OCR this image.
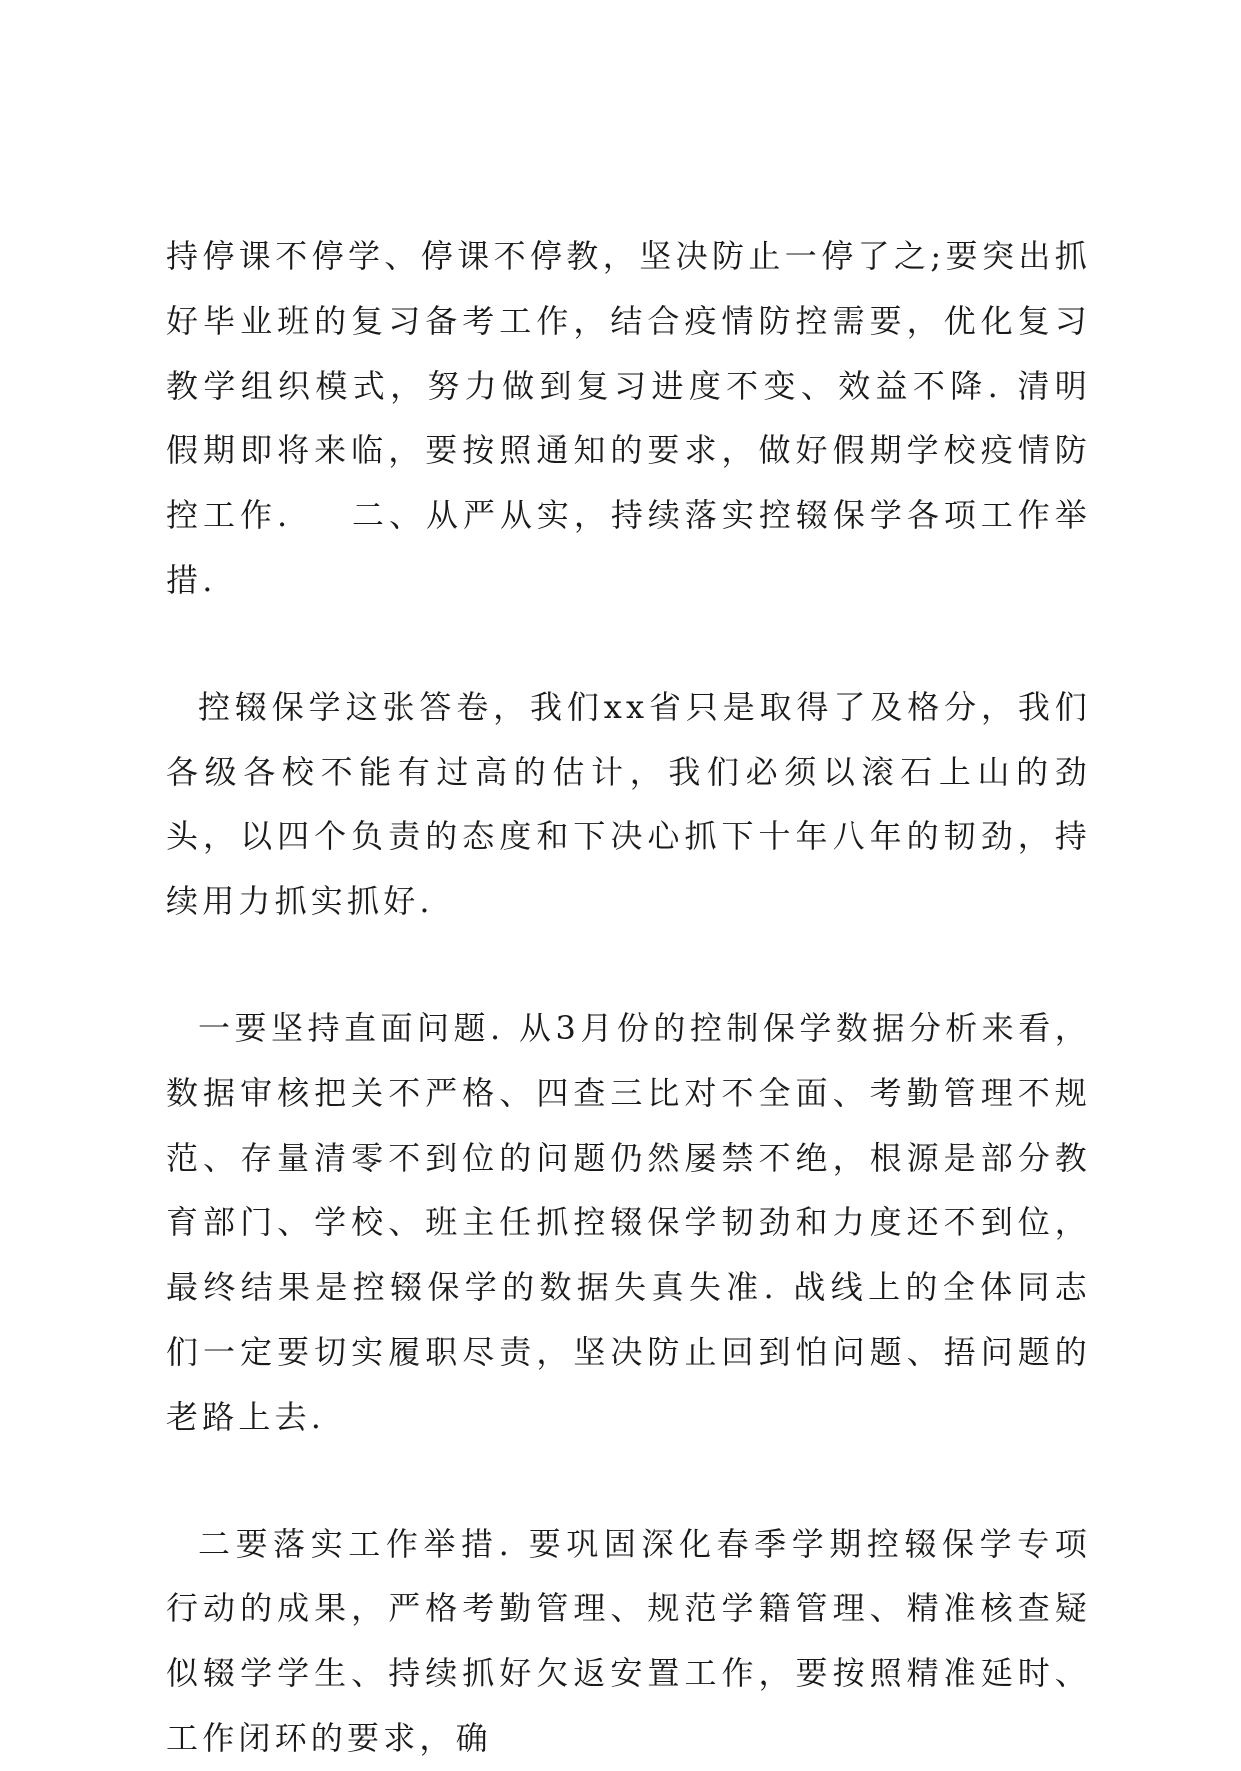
持停课不停学、停课不停教，坚决防止一停了之;要突出抓好毕业班的复习备考工作，结合疫情防控需要，优化复习教学组织模式，努力做到复习进度不变、效益不降. 清明假期即将来临，要按照通知的要求，做好假期学校疫情防控工作.    二、从严从实，持续落实控辍保学各项工作举措.

控辍保学这张答卷，我们xx省只是取得了及格分，我们各级各校不能有过高的估计，我们必须以滚石上山的劲头，以四个负责的态度和下决心抓下十年八年的韧劲，持续用力抓实抓好.

一要坚持直面问题. 从3月份的控制保学数据分析来看，数据审核把关不严格、四查三比对不全面、考勤管理不规范、存量清零不到位的问题仍然屡禁不绝，根源是部分教育部门、学校、班主任抓控辍保学韧劲和力度还不到位，最终结果是控辍保学的数据失真失准. 战线上的全体同志们一定要切实履职尽责，坚决防止回到怕问题、捂问题的老路上去.

二要落实工作举措. 要巩固深化春季学期控辍保学专项行动的成果，严格考勤管理、规范学籍管理、精准核查疑似辍学学生、持续抓好欠返安置工作，要按照精准延时、工作闭环的要求，确
